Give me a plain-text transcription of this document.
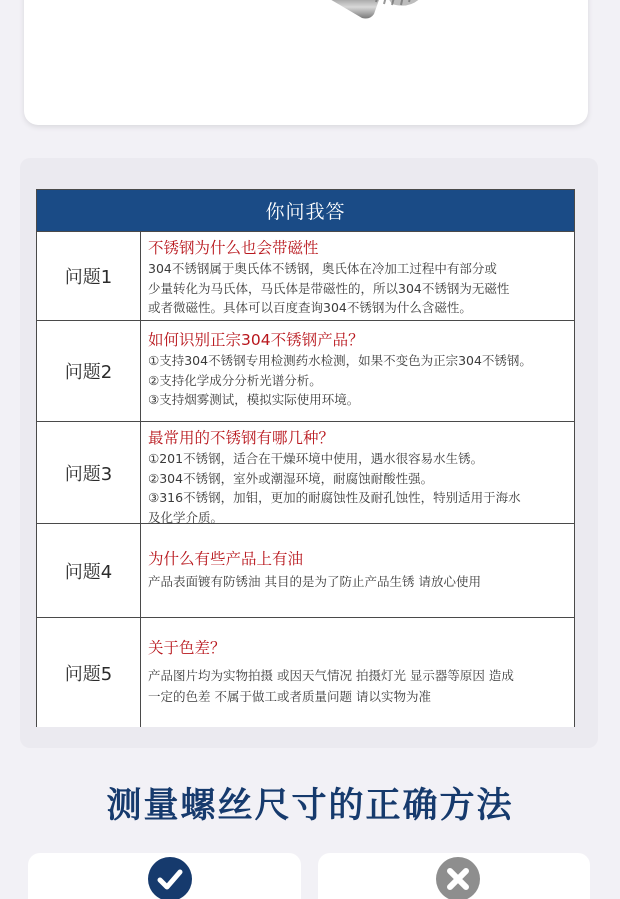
你问我答
问题1
不锈钢为什么也会带磁性
304不锈钢属于奥氏体不锈钢，奥氏体在冷加工过程中有部分或
少量转化为马氏体，马氏体是带磁性的，所以304不锈钢为无磁性
或者微磁性。具体可以百度查询304不锈钢为什么含磁性。
问题2
如何识别正宗304不锈钢产品？
①支持304不锈钢专用检测药水检测，如果不变色为正宗304不锈钢。
②支持化学成分分析光谱分析。
③支持烟雾测试，模拟实际使用环境。
问题3
最常用的不锈钢有哪几种？
①201不锈钢，适合在干燥环境中使用，遇水很容易水生锈。
②304不锈钢，室外或潮湿环境，耐腐蚀耐酸性强。
③316不锈钢，加钼，更加的耐腐蚀性及耐孔蚀性，特别适用于海水
及化学介质。
问题4
为什么有些产品上有油
产品表面镀有防锈油 其目的是为了防止产品生锈 请放心使用
问题5
关于色差？
产品图片均为实物拍摄 或因天气情况 拍摄灯光 显示器等原因 造成
一定的色差 不属于做工或者质量问题 请以实物为准
测量螺丝尺寸的正确方法
